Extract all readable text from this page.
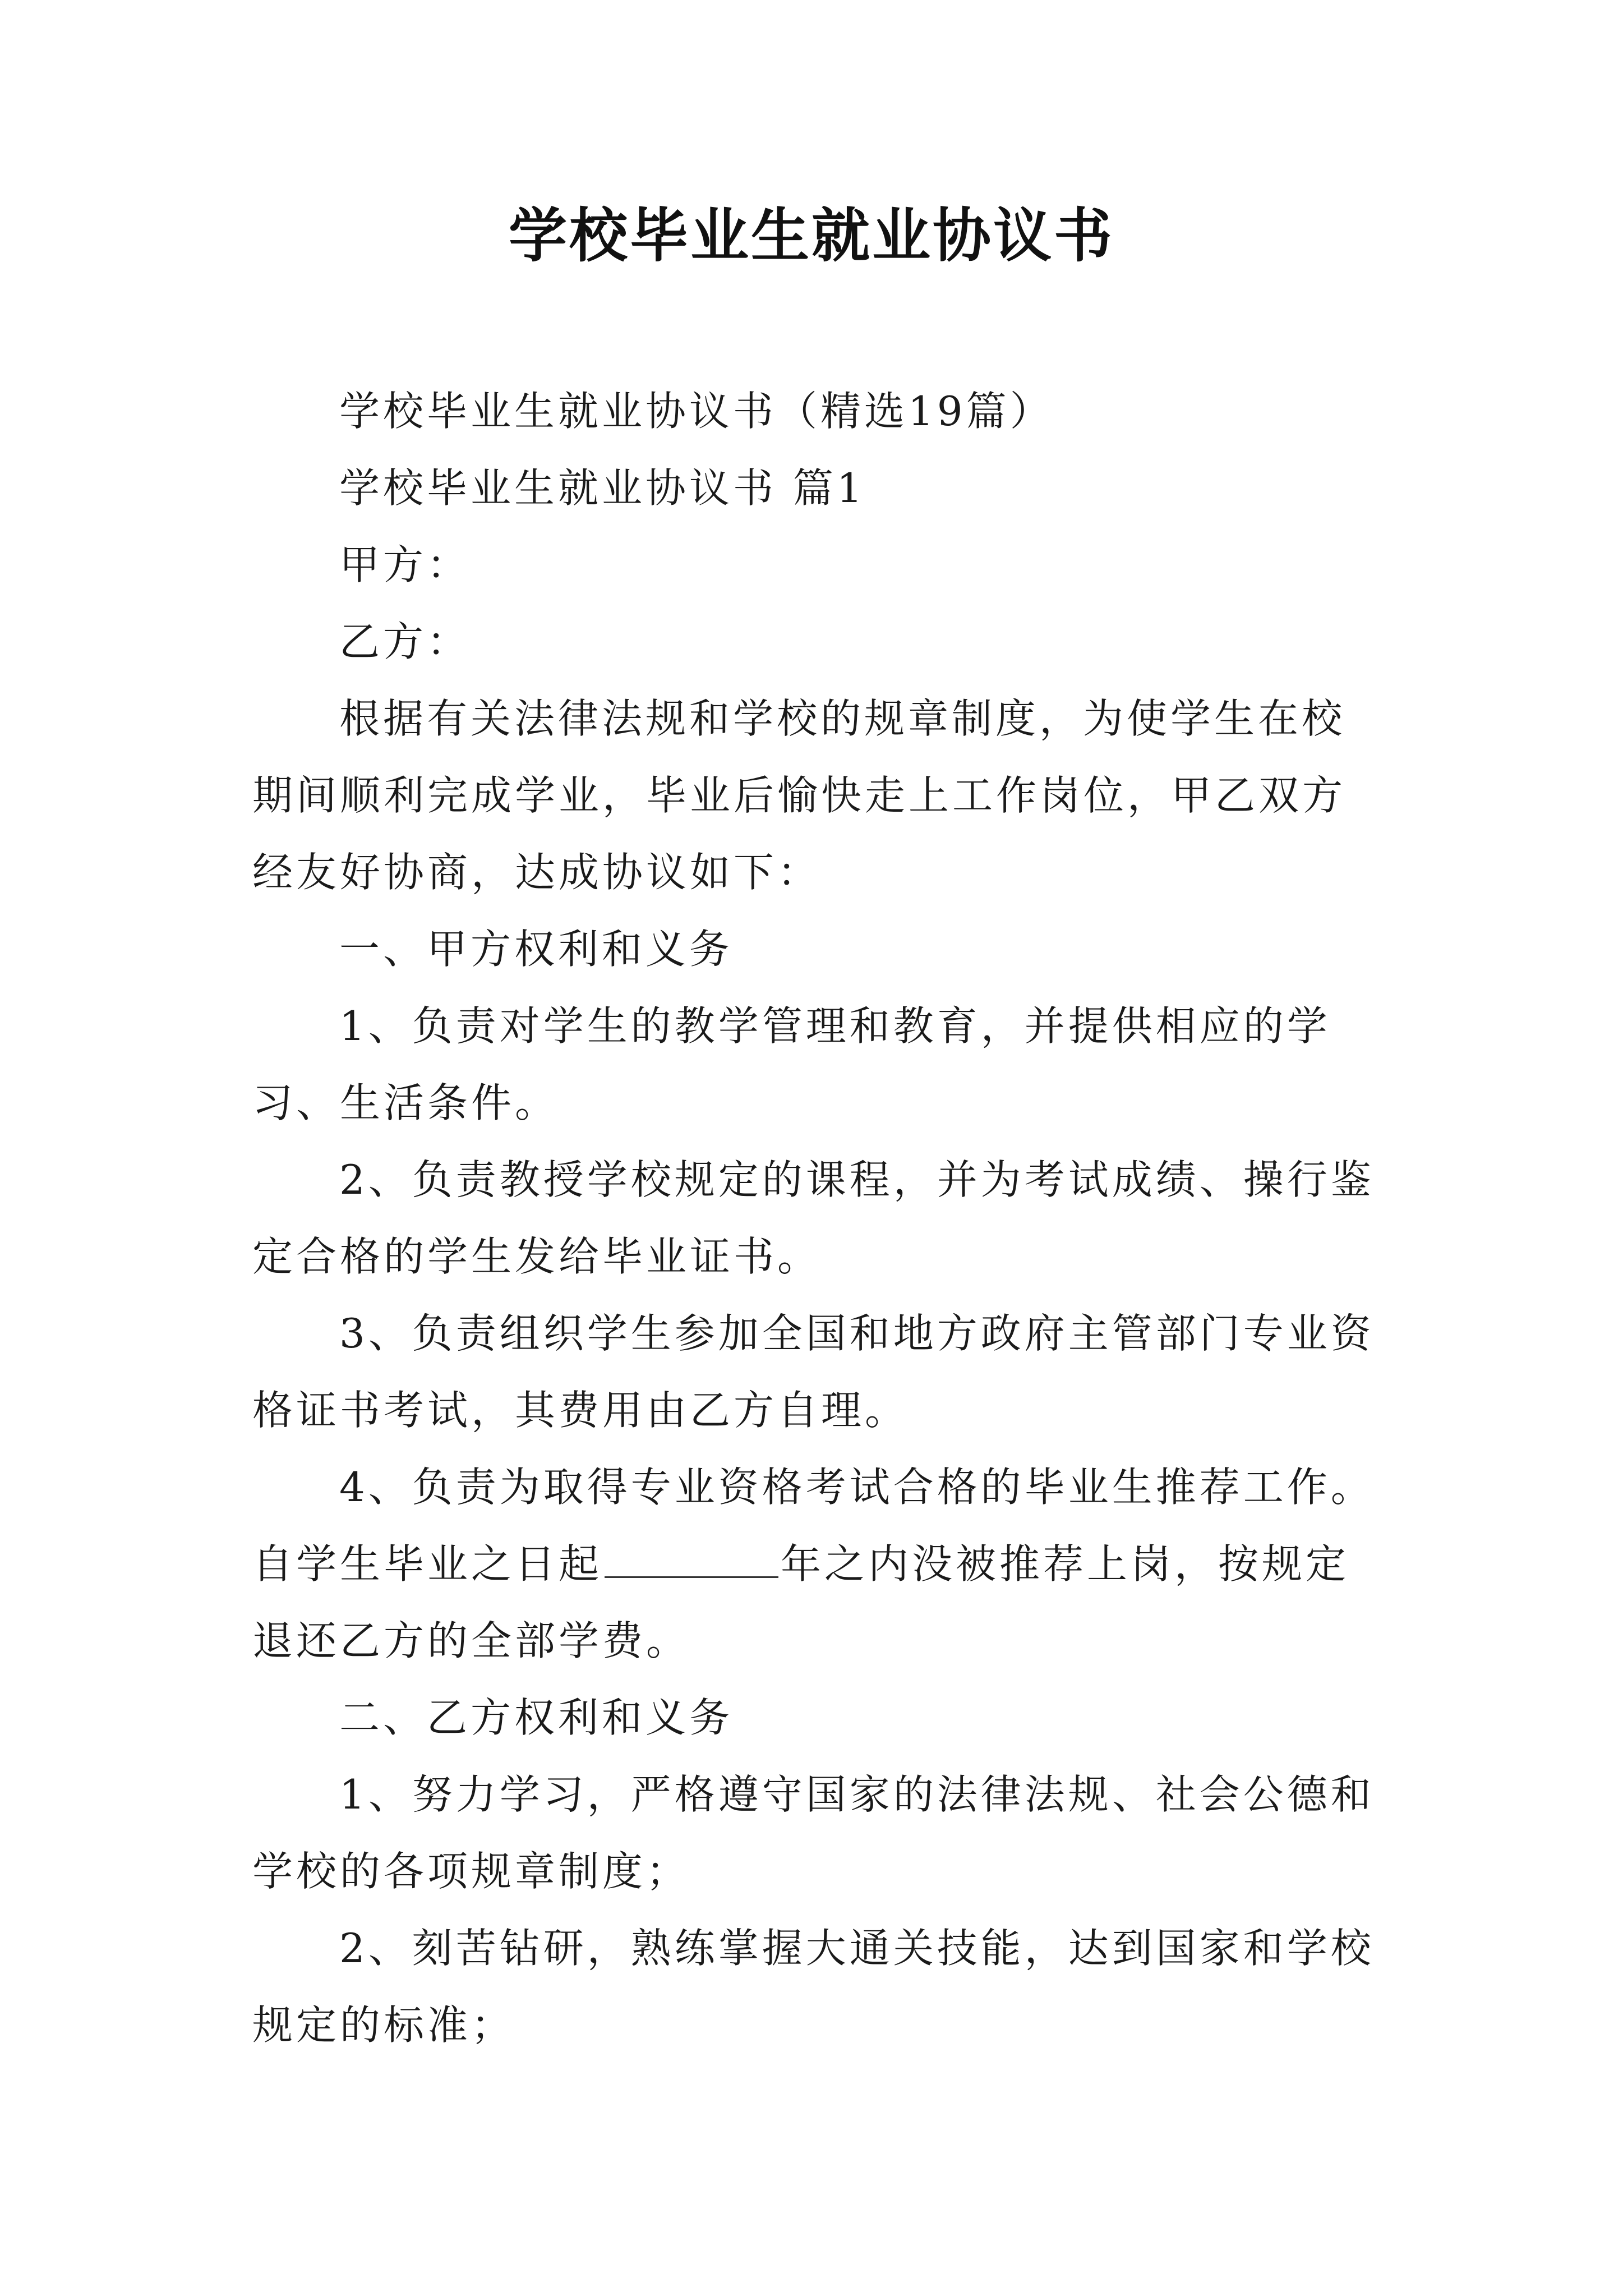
学校毕业生就业协议书

学校毕业生就业协议书（精选19篇）

学校毕业生就业协议书 篇1

甲方：

乙方：

根据有关法律法规和学校的规章制度，为使学生在校期间顺利完成学业，毕业后愉快走上工作岗位，甲乙双方经友好协商，达成协议如下：

一、甲方权利和义务

1、负责对学生的教学管理和教育，并提供相应的学习、生活条件。

2、负责教授学校规定的课程，并为考试成绩、操行鉴定合格的学生发给毕业证书。

3、负责组织学生参加全国和地方政府主管部门专业资格证书考试，其费用由乙方自理。

4、负责为取得专业资格考试合格的毕业生推荐工作。自学生毕业之日起	年之内没被推荐上岗，按规定退还乙方的全部学费。

二、乙方权利和义务

1、努力学习，严格遵守国家的法律法规、社会公德和学校的各项规章制度；

2、刻苦钻研，熟练掌握大通关技能，达到国家和学校规定的标准；
